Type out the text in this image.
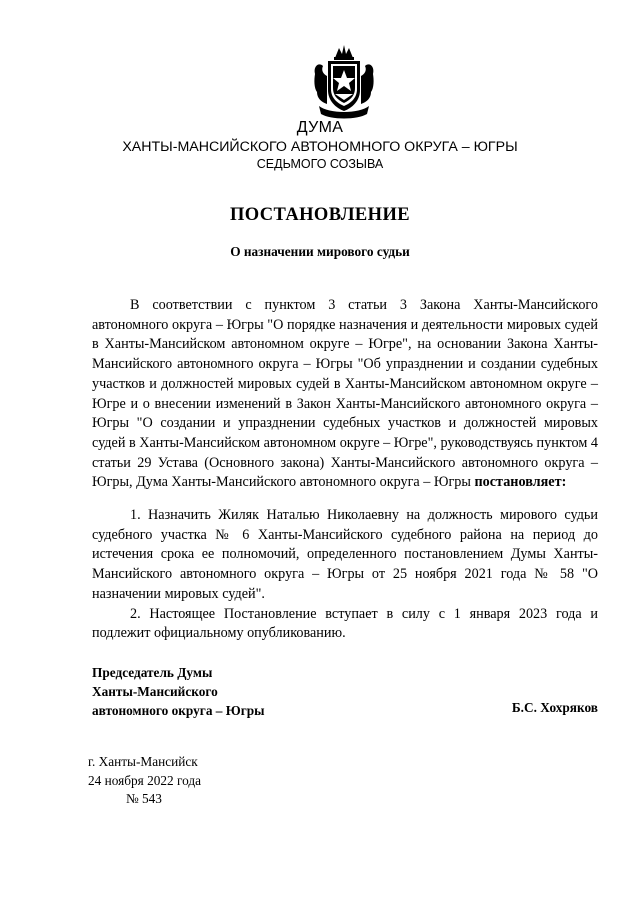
ДУМА
ХАНТЫ-МАНСИЙСКОГО АВТОНОМНОГО ОКРУГА – ЮГРЫ
СЕДЬМОГО СОЗЫВА
ПОСТАНОВЛЕНИЕ
О назначении мирового судьи

В соответствии с пунктом 3 статьи 3 Закона Ханты-Мансийского автономного округа – Югры "О порядке назначения и деятельности мировых судей в Ханты-Мансийском автономном округе – Югре", на основании Закона Ханты-Мансийского автономного округа – Югры "Об упразднении и создании судебных участков и должностей мировых судей в Ханты-Мансийском автономном округе – Югре и о внесении изменений в Закон Ханты-Мансийского автономного округа – Югры "О создании и упразднении судебных участков и должностей мировых судей в Ханты-Мансийском автономном округе – Югре", руководствуясь пунктом 4 статьи 29 Устава (Основного закона) Ханты-Мансийского автономного округа – Югры, Дума Ханты-Мансийского автономного округа – Югры постановляет:

1. Назначить Жиляк Наталью Николаевну на должность мирового судьи судебного участка № 6 Ханты-Мансийского судебного района на период до истечения срока ее полномочий, определенного постановлением Думы Ханты-Мансийского автономного округа – Югры от 25 ноября 2021 года № 58 "О назначении мировых судей".

2. Настоящее Постановление вступает в силу с 1 января 2023 года и подлежит официальному опубликованию.

Председатель Думы
Ханты-Мансийского
автономного округа – Югры	Б.С. Хохряков
г. Ханты-Мансийск
24 ноября 2022 года
№ 543
